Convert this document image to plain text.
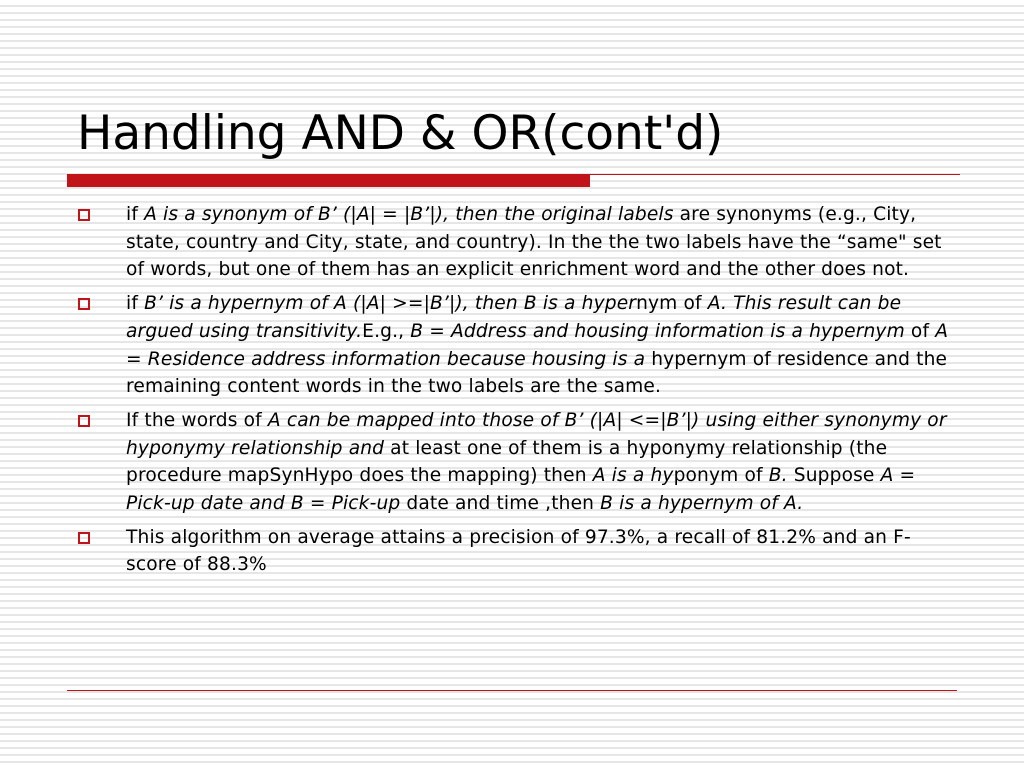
Handling AND & OR(cont'd)
if A is a synonym of B’ (|A| = |B’|), then the original labels are synonyms (e.g., City, state, country and City, state, and country). In the the two labels have the “same" set of words, but one of them has an explicit enrichment word and the other does not.
if B’ is a hypernym of A (|A| >=|B’|), then B is a hypernym of A. This result can be argued using transitivity.E.g., B = Address and housing information is a hypernym of A = Residence address information because housing is a hypernym of residence and the remaining content words in the two labels are the same.
If the words of A can be mapped into those of B’ (|A| <=|B’|) using either synonymy or hyponymy relationship and at least one of them is a hyponymy relationship (the procedure mapSynHypo does the mapping) then A is a hyponym of B. Suppose A = Pick-up date and B = Pick-up date and time ,then B is a hypernym of A.
This algorithm on average attains a precision of 97.3%, a recall of 81.2% and an F-score of 88.3%
